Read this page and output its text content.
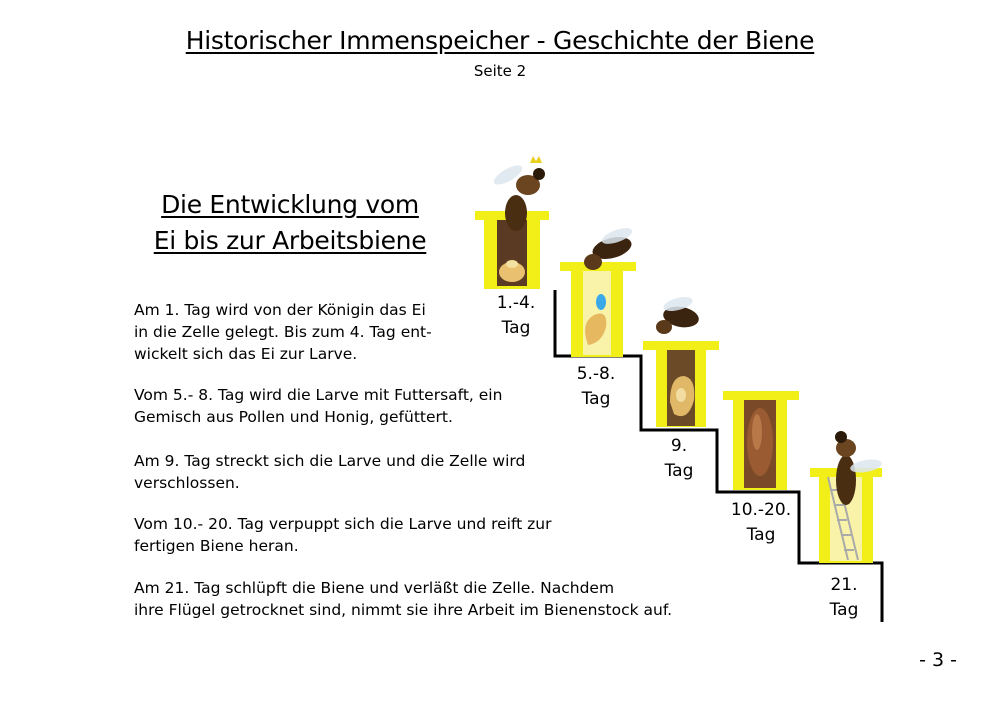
Historischer Immenspeicher - Geschichte der Biene
Seite 2
Die Entwicklung vom
Ei bis zur Arbeitsbiene

Am 1. Tag wird von der Königin das Ei
in die Zelle gelegt. Bis zum 4. Tag ent-
wickelt sich das Ei zur Larve.

Vom 5.- 8. Tag wird die Larve mit Futtersaft, ein
Gemisch aus Pollen und Honig, gefüttert.

Am 9. Tag streckt sich die Larve und die Zelle wird
verschlossen.

Vom 10.- 20. Tag verpuppt sich die Larve und reift zur
fertigen Biene heran.

Am 21. Tag schlüpft die Biene und verläßt die Zelle. Nachdem
ihre Flügel getrocknet sind, nimmt sie ihre Arbeit im Bienenstock auf.

1.-4.
Tag
5.-8.
Tag
9.
Tag
10.-20.
Tag
21.
Tag
- 3 -
